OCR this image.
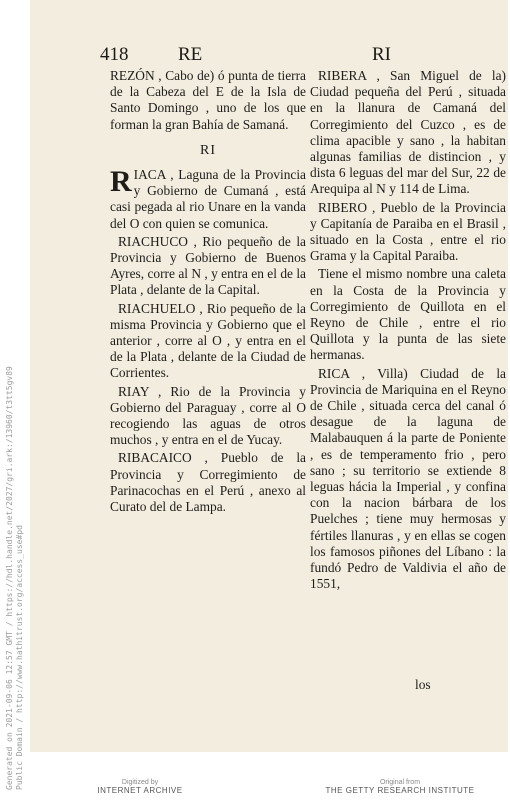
Generated on 2021-09-06 12:57 GMT / https://hdl.handle.net/2027/gri.ark:/13960/t3tt5gv89 Public Domain / http://www.hathitrust.org/access_use#pd
418	RE	RI

REZÓN , Cabo de) ó punta de tierra de la Cabeza del E de la Isla de Santo Domingo , uno de los que forman la gran Bahía de Samaná.

RI

RIACA , Laguna de la Provincia y Gobierno de Cumaná , está casi pegada al rio Unare en la vanda del O con quien se comunica.

RIACHUCO , Rio pequeño de la Provincia y Gobierno de Buenos Ayres, corre al N , y entra en el de la Plata , delante de la Capital.

RIACHUELO , Rio pequeño de la misma Provincia y Gobierno que el anterior , corre al O , y entra en el de la Plata , delante de la Ciudad de Corrientes.

RIAY , Rio de la Provincia y Gobierno del Paraguay , corre al O recogiendo las aguas de otros muchos , y entra en el de Yucay.

RIBACAICO , Pueblo de la Provincia y Corregimiento de Parinacochas en el Perú , anexo al Curato del de Lampa.

RIBERA , San Miguel de la) Ciudad pequeña del Perú , situada en la llanura de Camaná del Corregimiento del Cuzco , es de clima apacible y sano , la habitan algunas familias de distincion , y dista 6 leguas del mar del Sur, 22 de Arequipa al N y 114 de Lima.

RIBERO , Pueblo de la Provincia y Capitanía de Paraiba en el Brasil , situado en la Costa , entre el rio Grama y la Capital Paraiba.

Tiene el mismo nombre una caleta en la Costa de la Provincia y Corregimiento de Quillota en el Reyno de Chile , entre el rio Quillota y la punta de las siete hermanas.

RICA , Villa) Ciudad de la Provincia de Mariquina en el Reyno de Chile , situada cerca del canal ó desague de la laguna de Malabauquen á la parte de Poniente , es de temperamento frio , pero sano ; su territorio se extiende 8 leguas hácia la Imperial , y confina con la nacion bárbara de los Puelches ; tiene muy hermosas y fértiles llanuras , y en ellas se cogen los famosos piñones del Líbano : la fundó Pedro de Valdivia el año de 1551,

los
Digitized by
INTERNET ARCHIVE
Original from
THE GETTY RESEARCH INSTITUTE
